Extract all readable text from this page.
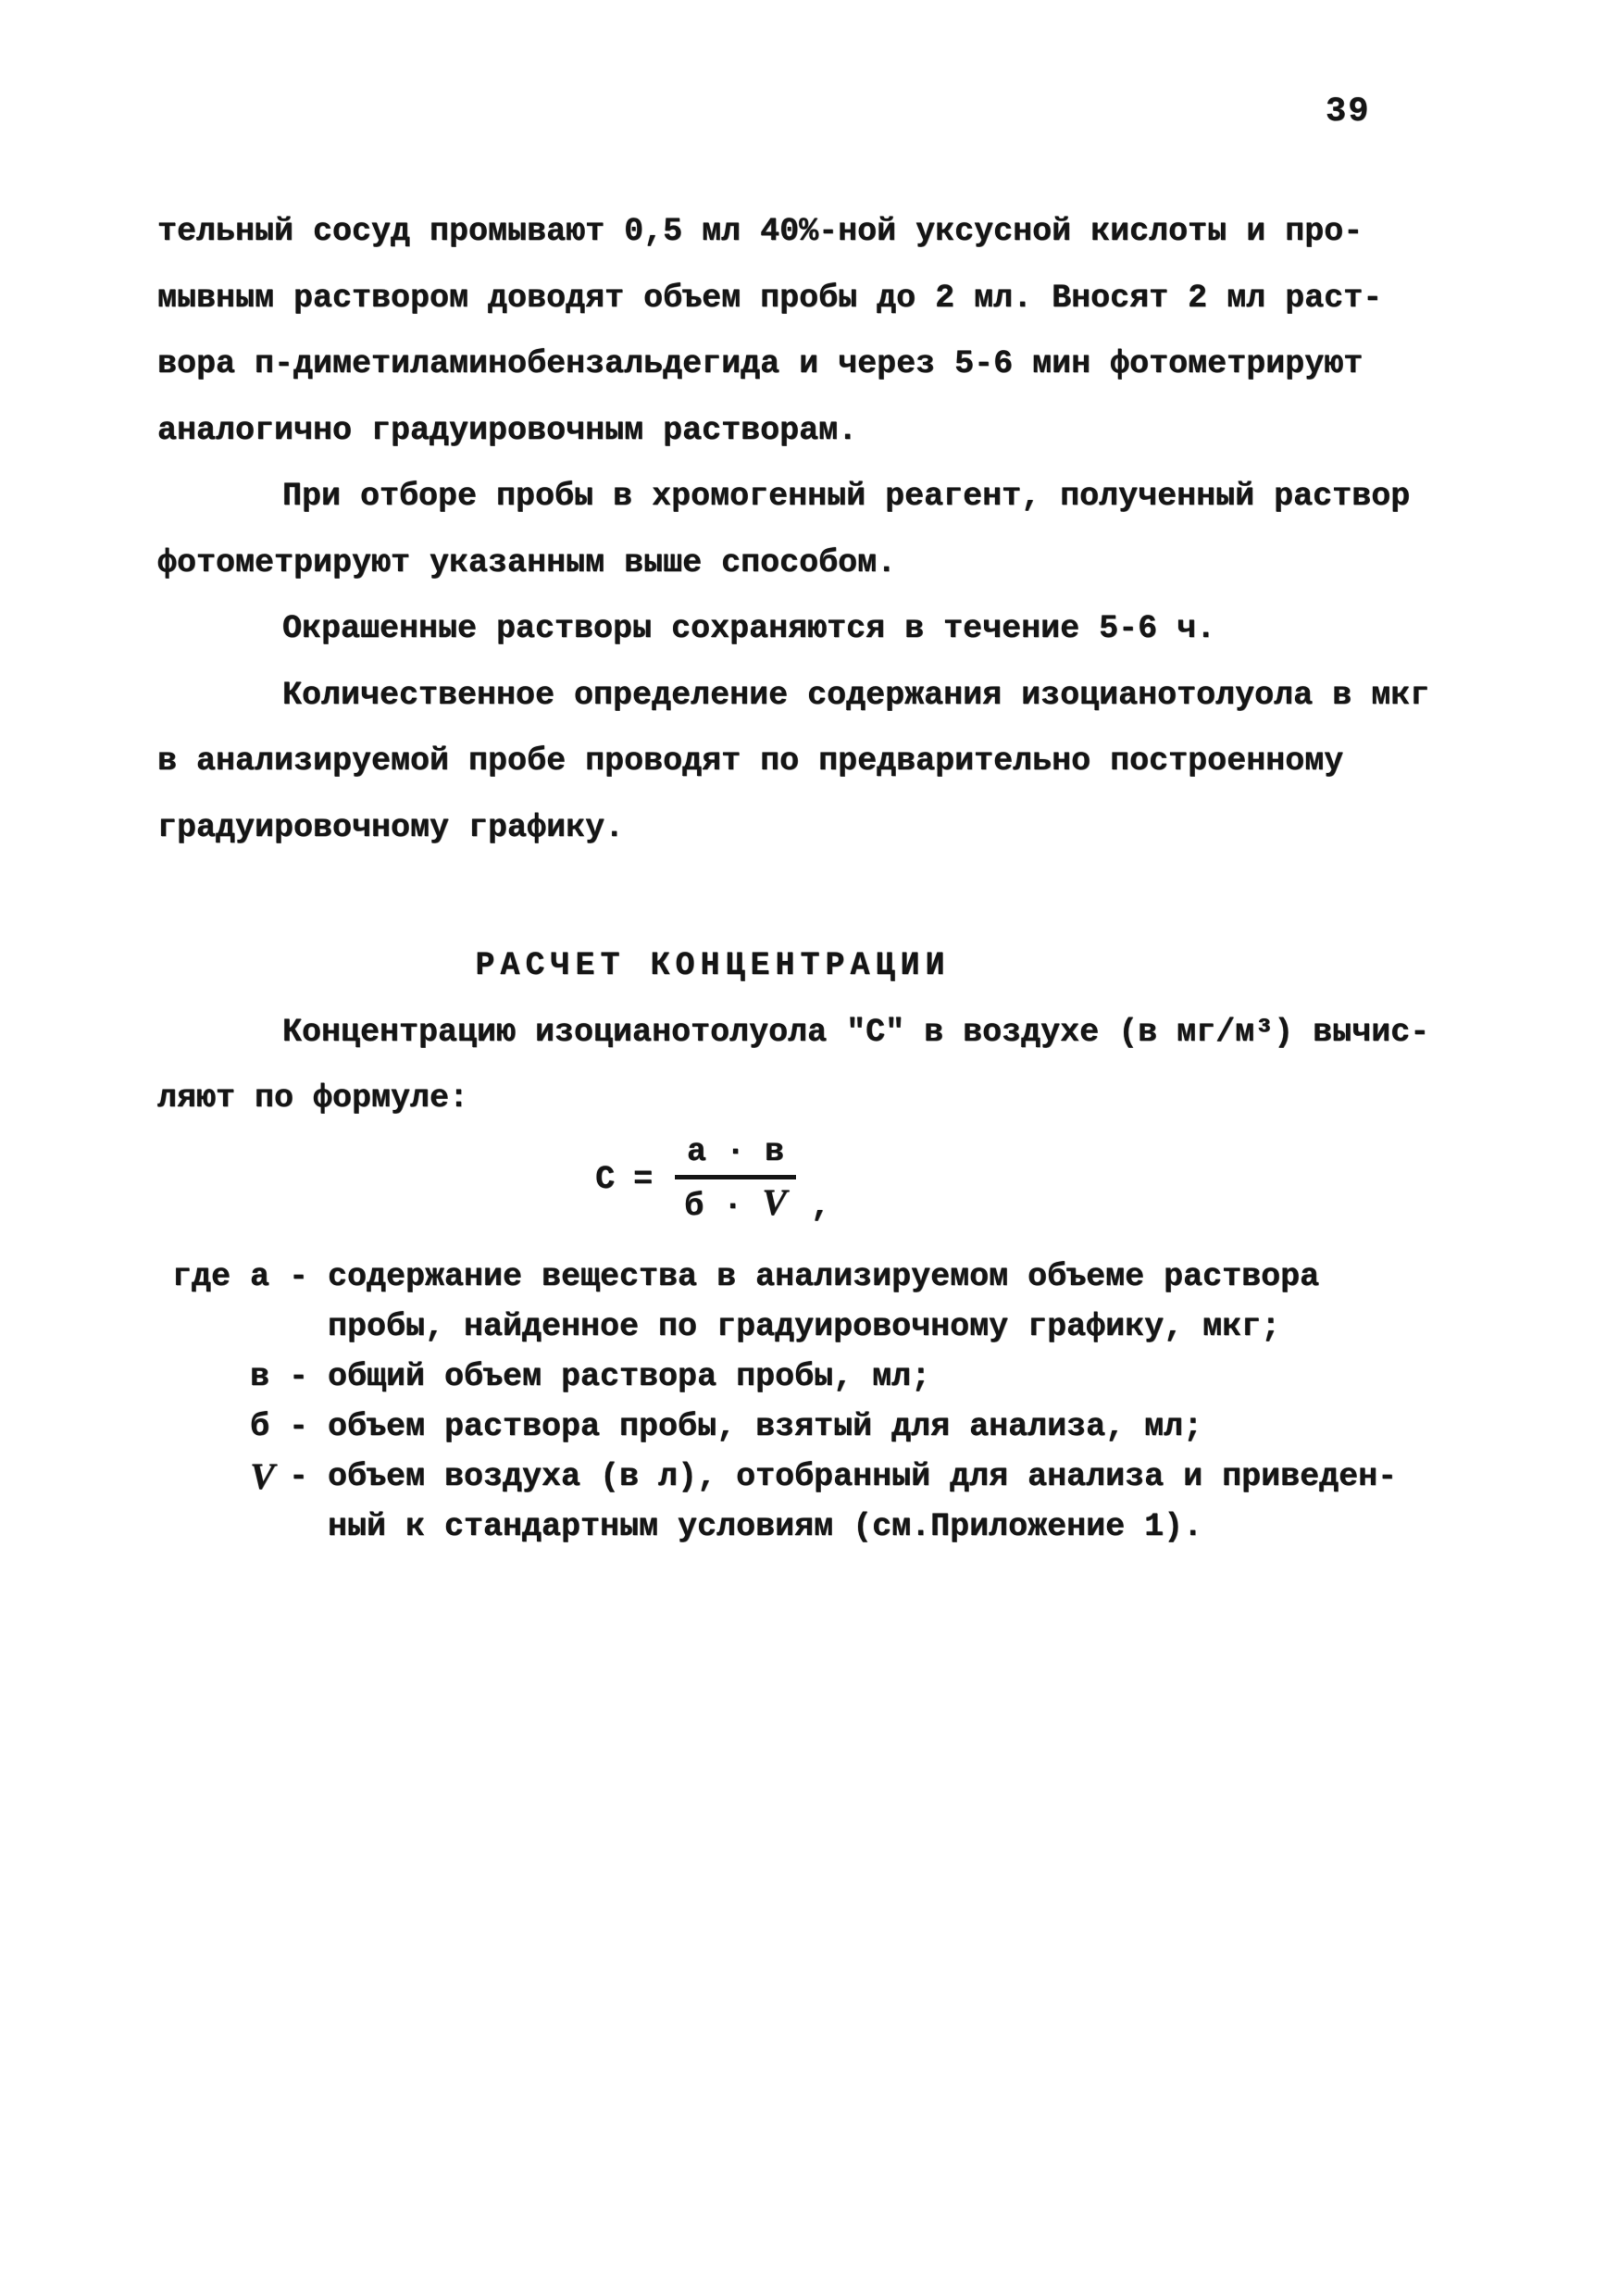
39
тельный сосуд промывают 0,5 мл 40%-ной уксусной кислоты и про-
мывным раствором доводят объем пробы до 2 мл. Вносят 2 мл раст-
вора п-диметиламинобензальдегида и через 5-6 мин фотометрируют
аналогично градуировочным растворам.
При отборе пробы в хромогенный реагент, полученный раствор
фотометрируют указанным выше способом.
Окрашенные растворы сохраняются в течение 5-6 ч.
Количественное определение содержания изоцианотолуола в мкг
в анализируемой пробе проводят по предварительно построенному
градуировочному графику.
РАСЧЕТ КОНЦЕНТРАЦИИ
Концентрацию изоцианотолуола "С" в воздухе (в мг/м³) вычис-
ляют по формуле:
$С = \frac{а \cdot в}{б \cdot V}$ ,
где а - содержание вещества в анализируемом объеме раствора
пробы, найденное по градуировочному графику, мкг;
в - общий объем раствора пробы, мл;
б - объем раствора пробы, взятый для анализа, мл;
V - объем воздуха (в л), отобранный для анализа и приведен-
ный к стандартным условиям (см.Приложение 1).
